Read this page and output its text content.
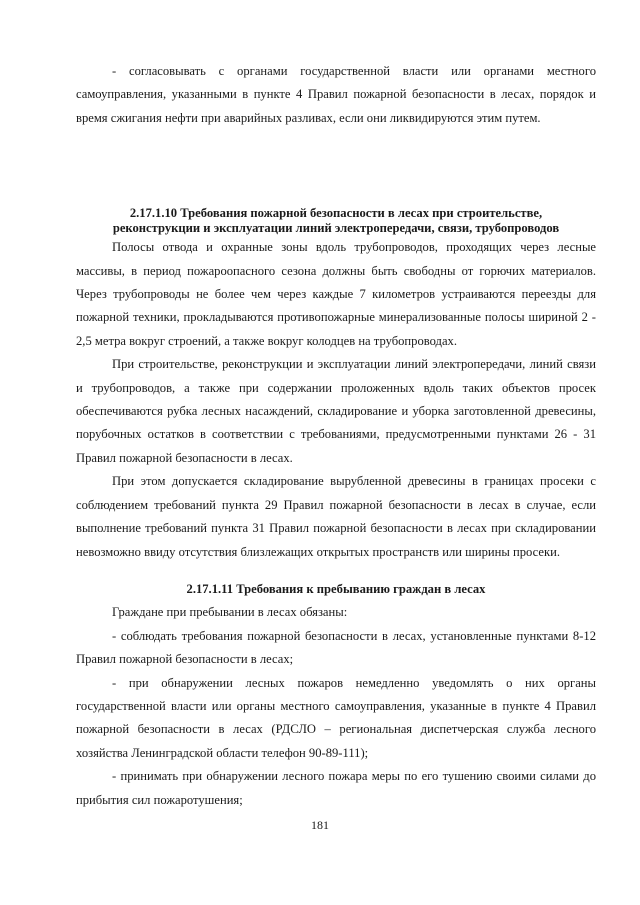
- согласовывать с органами государственной власти или органами местного самоуправления, указанными в пункте 4 Правил пожарной безопасности в лесах, порядок и время сжигания нефти при аварийных разливах, если они ликвидируются этим путем.

2.17.1.10 Требования пожарной безопасности в лесах при строительстве,

реконструкции и эксплуатации линий электропередачи, связи, трубопроводов

Полосы отвода и охранные зоны вдоль трубопроводов, проходящих через лесные массивы, в период пожароопасного сезона должны быть свободны от горючих материалов. Через трубопроводы не более чем через каждые 7 километров устраиваются переезды для пожарной техники, прокладываются противопожарные минерализованные полосы шириной 2 - 2,5 метра вокруг строений, а также вокруг колодцев на трубопроводах.

При строительстве, реконструкции и эксплуатации линий электропередачи, линий связи и трубопроводов, а также при содержании проложенных вдоль таких объектов просек обеспечиваются рубка лесных насаждений, складирование и уборка заготовленной древесины, порубочных остатков в соответствии с требованиями, предусмотренными пунктами 26 - 31 Правил пожарной безопасности в лесах.

При этом допускается складирование вырубленной древесины в границах просеки с соблюдением требований пункта 29 Правил пожарной безопасности в лесах в случае, если выполнение требований пункта 31 Правил пожарной безопасности в лесах при складировании невозможно ввиду отсутствия близлежащих открытых пространств или ширины просеки.

2.17.1.11 Требования к пребыванию граждан в лесах

Граждане при пребывании в лесах обязаны:

- соблюдать требования пожарной безопасности в лесах, установленные пунктами 8-12 Правил пожарной безопасности в лесах;

- при обнаружении лесных пожаров немедленно уведомлять о них органы государственной власти или органы местного самоуправления, указанные в пункте 4 Правил пожарной безопасности в лесах (РДСЛО – региональная диспетчерская служба лесного хозяйства Ленинградской области телефон 90-89-111);

- принимать при обнаружении лесного пожара меры по его тушению своими силами до прибытия сил пожаротушения;

181
